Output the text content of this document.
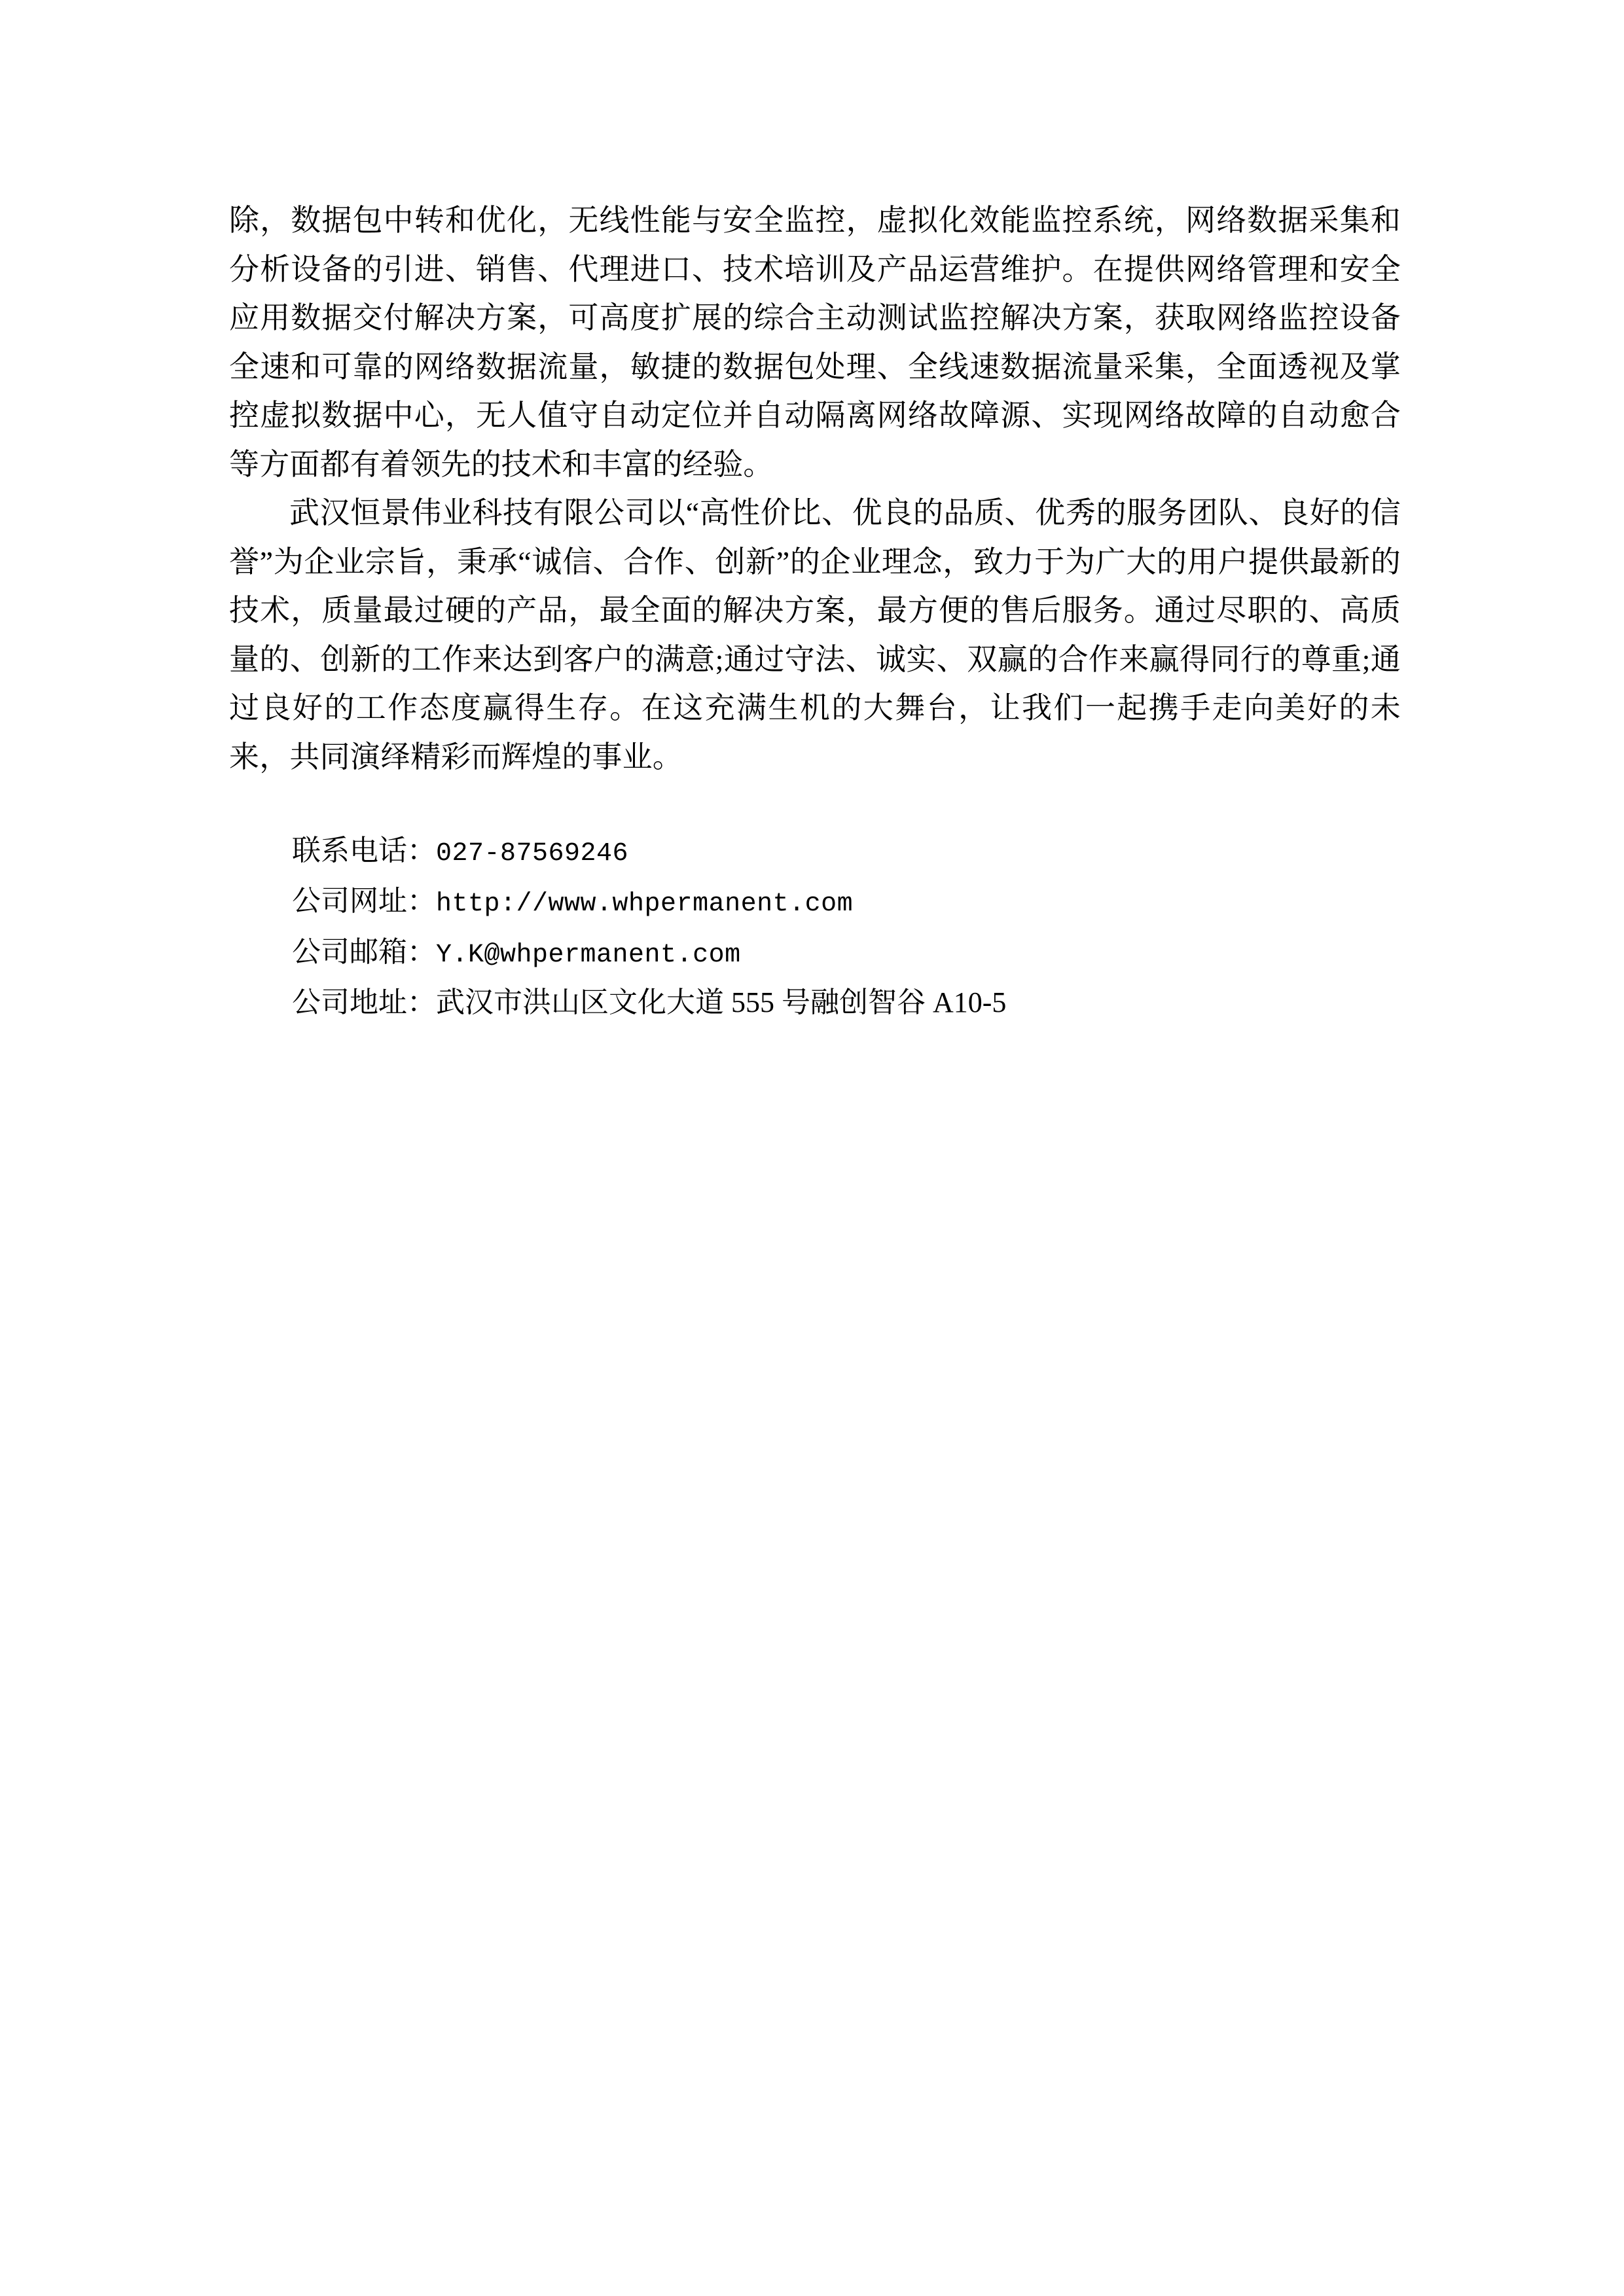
除，数据包中转和优化，无线性能与安全监控，虚拟化效能监控系统，网络数据采集和分析设备的引进、销售、代理进口、技术培训及产品运营维护。在提供网络管理和安全应用数据交付解决方案，可高度扩展的综合主动测试监控解决方案，获取网络监控设备全速和可靠的网络数据流量，敏捷的数据包处理、全线速数据流量采集，全面透视及掌控虚拟数据中心，无人值守自动定位并自动隔离网络故障源、实现网络故障的自动愈合等方面都有着领先的技术和丰富的经验。

武汉恒景伟业科技有限公司以“高性价比、优良的品质、优秀的服务团队、良好的信誉”为企业宗旨，秉承“诚信、合作、创新”的企业理念，致力于为广大的用户提供最新的技术，质量最过硬的产品，最全面的解决方案，最方便的售后服务。通过尽职的、高质量的、创新的工作来达到客户的满意;通过守法、诚实、双赢的合作来赢得同行的尊重;通过良好的工作态度赢得生存。在这充满生机的大舞台，让我们一起携手走向美好的未来，共同演绎精彩而辉煌的事业。

联系电话：027-87569246
公司网址：http://www.whpermanent.com
公司邮箱：Y.K@whpermanent.com
公司地址：武汉市洪山区文化大道 555 号融创智谷 A10-5
